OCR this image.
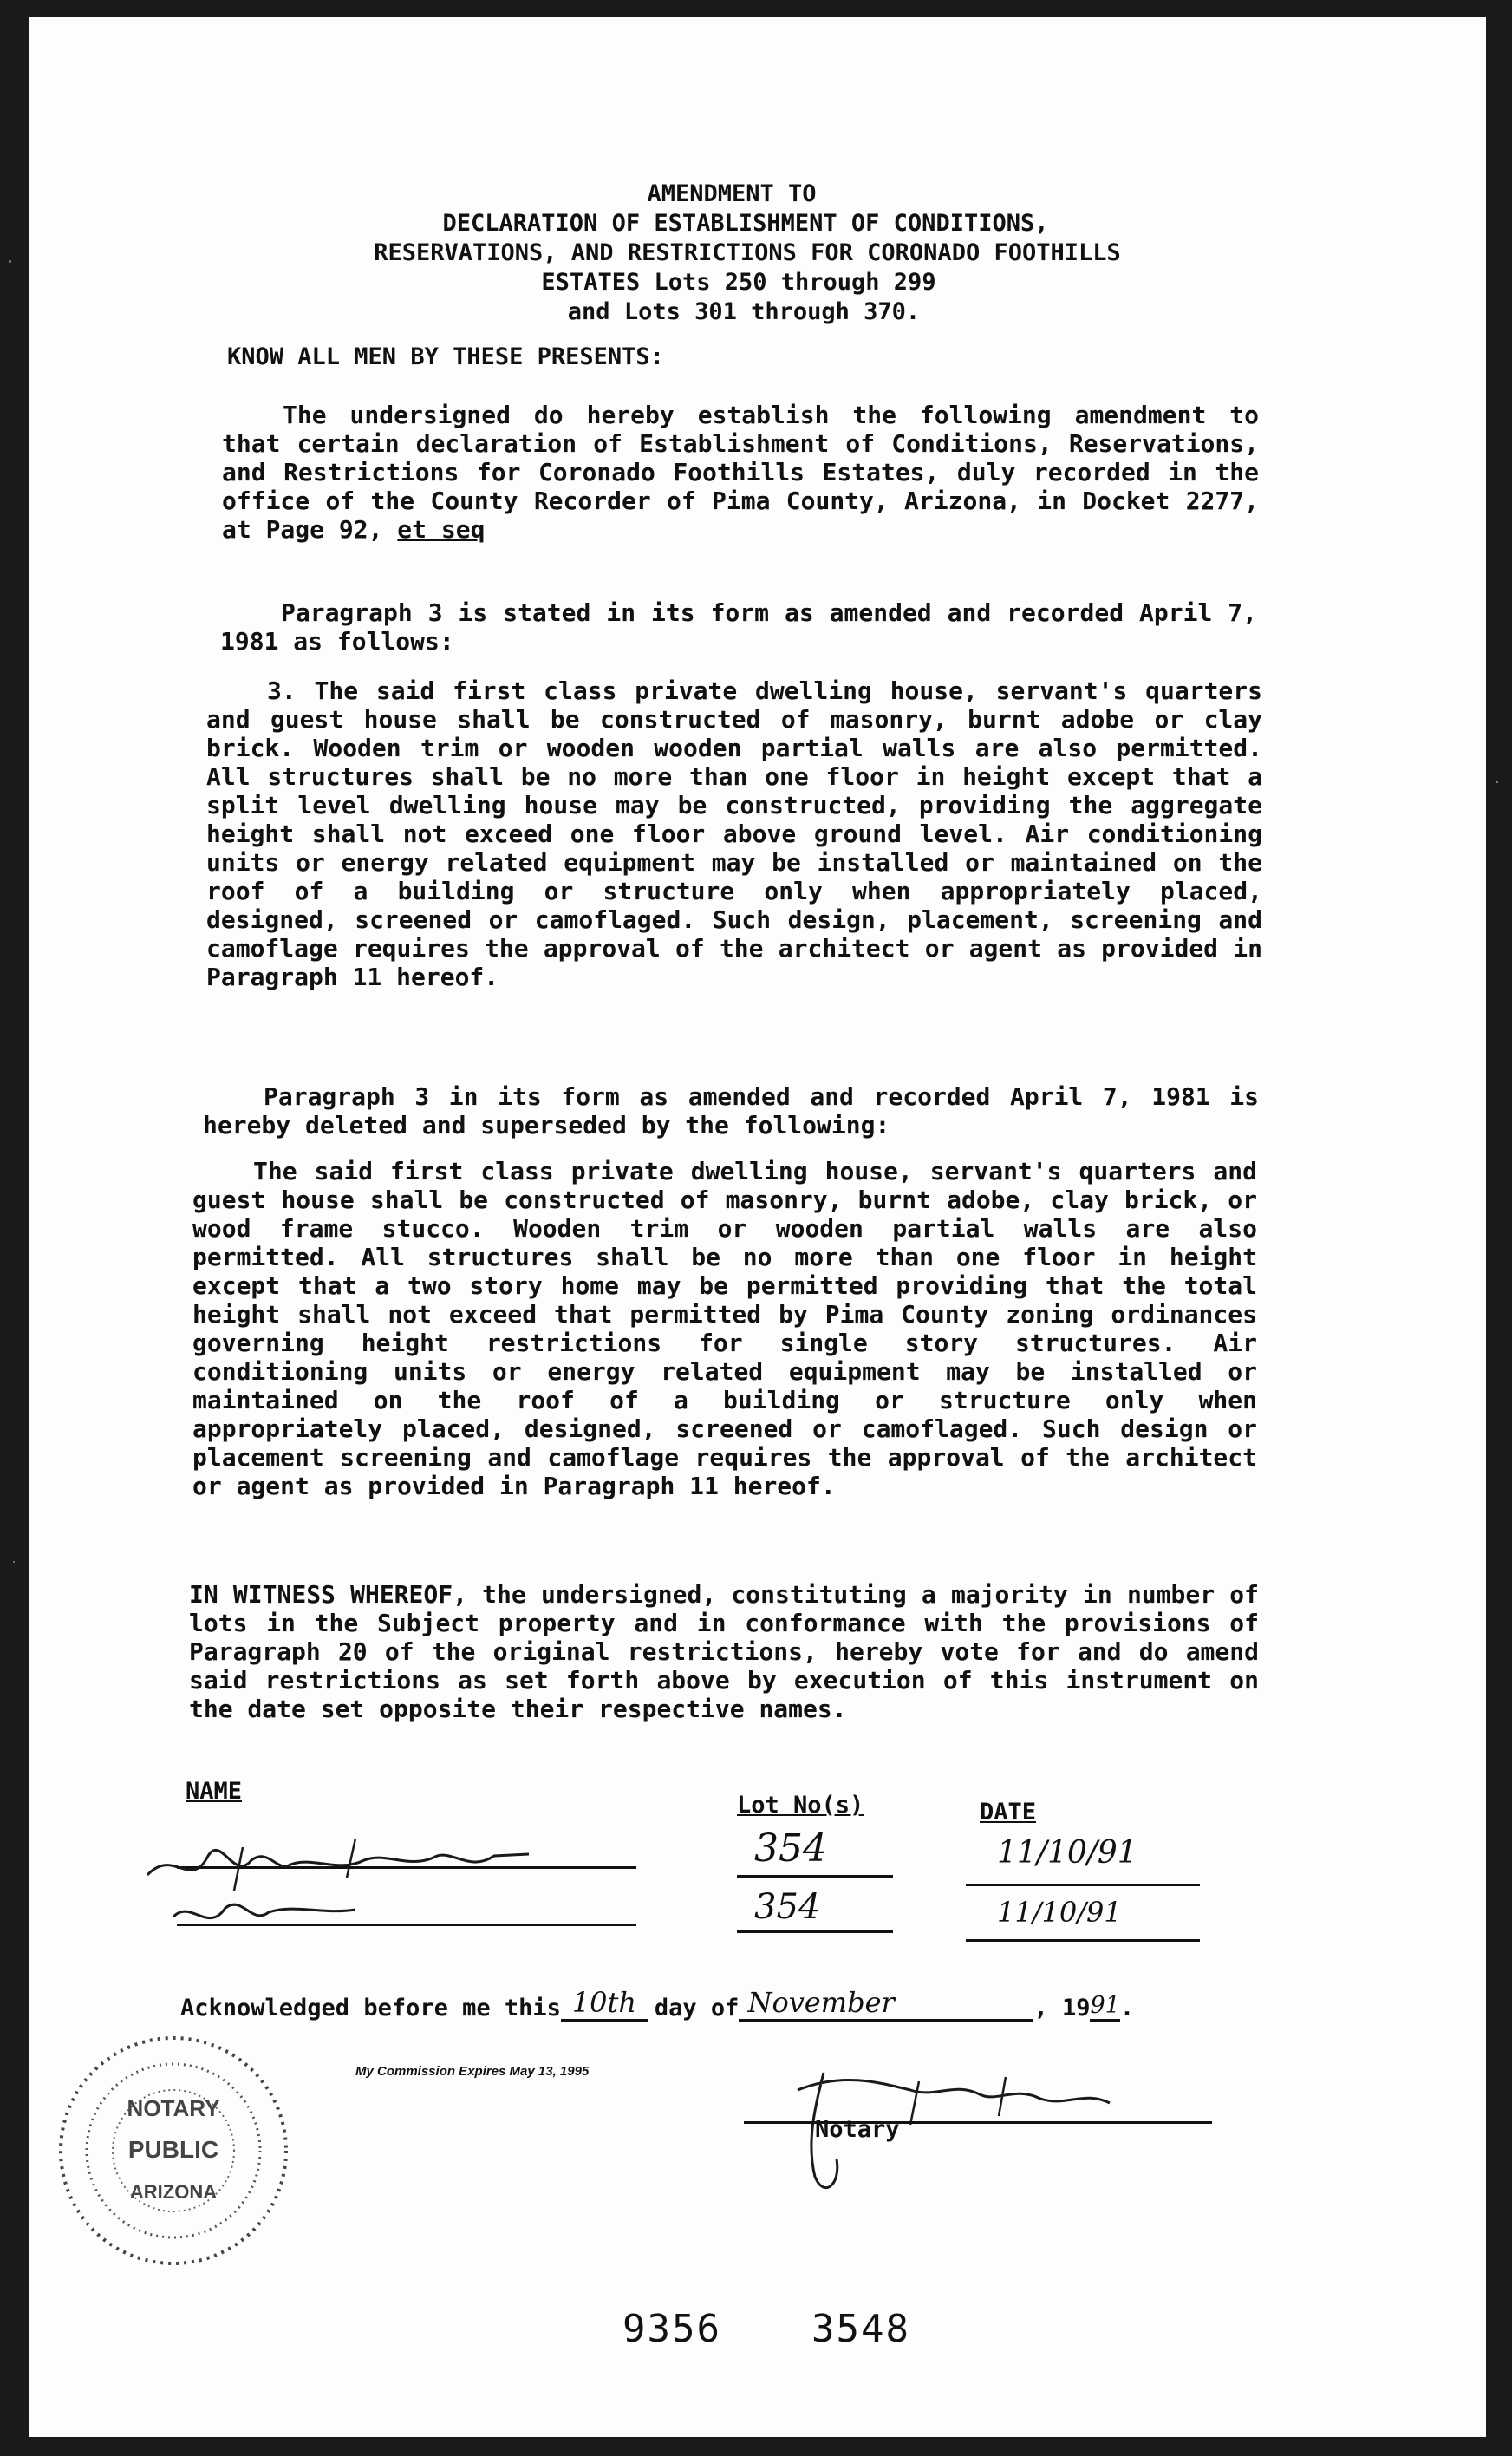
AMENDMENT TO
DECLARATION OF ESTABLISHMENT OF CONDITIONS,
RESERVATIONS, AND RESTRICTIONS FOR CORONADO FOOTHILLS
ESTATES Lots 250 through 299
and Lots 301 through 370.
KNOW ALL MEN BY THESE PRESENTS:
The undersigned do hereby establish the following amendment to that certain declaration of Establishment of Conditions, Reservations, and Restrictions for Coronado Foothills Estates, duly recorded in the office of the County Recorder of Pima County, Arizona, in Docket 2277, at Page 92, et seq
Paragraph 3 is stated in its form as amended and recorded April 7, 1981 as follows:
3. The said first class private dwelling house, servant's quarters and guest house shall be constructed of masonry, burnt adobe or clay brick. Wooden trim or wooden wooden partial walls are also permitted. All structures shall be no more than one floor in height except that a split level dwelling house may be constructed, providing the aggregate height shall not exceed one floor above ground level. Air conditioning units or energy related equipment may be installed or maintained on the roof of a building or structure only when appropriately placed, designed, screened or camoflaged. Such design, placement, screening and camoflage requires the approval of the architect or agent as provided in Paragraph 11 hereof.
Paragraph 3 in its form as amended and recorded April 7, 1981 is hereby deleted and superseded by the following:
The said first class private dwelling house, servant's quarters and guest house shall be constructed of masonry, burnt adobe, clay brick, or wood frame stucco. Wooden trim or wooden partial walls are also permitted. All structures shall be no more than one floor in height except that a two story home may be permitted providing that the total height shall not exceed that permitted by Pima County zoning ordinances governing height restrictions for single story structures. Air conditioning units or energy related equipment may be installed or maintained on the roof of a building or structure only when appropriately placed, designed, screened or camoflaged. Such design or placement screening and camoflage requires the approval of the architect or agent as provided in Paragraph 11 hereof.
IN WITNESS WHEREOF, the undersigned, constituting a majority in number of lots in the Subject property and in conformance with the provisions of Paragraph 20 of the original restrictions, hereby vote for and do amend said restrictions as set forth above by execution of this instrument on the date set opposite their respective names.
NAME
Lot No(s)	DATE
354
354
11/10/91
11/10/91
Acknowledged before me this 10th day of November	, 19 91 .
My Commission Expires May 13, 1995
Notary
NOTARY
PUBLIC
ARIZONA
9356 3548
